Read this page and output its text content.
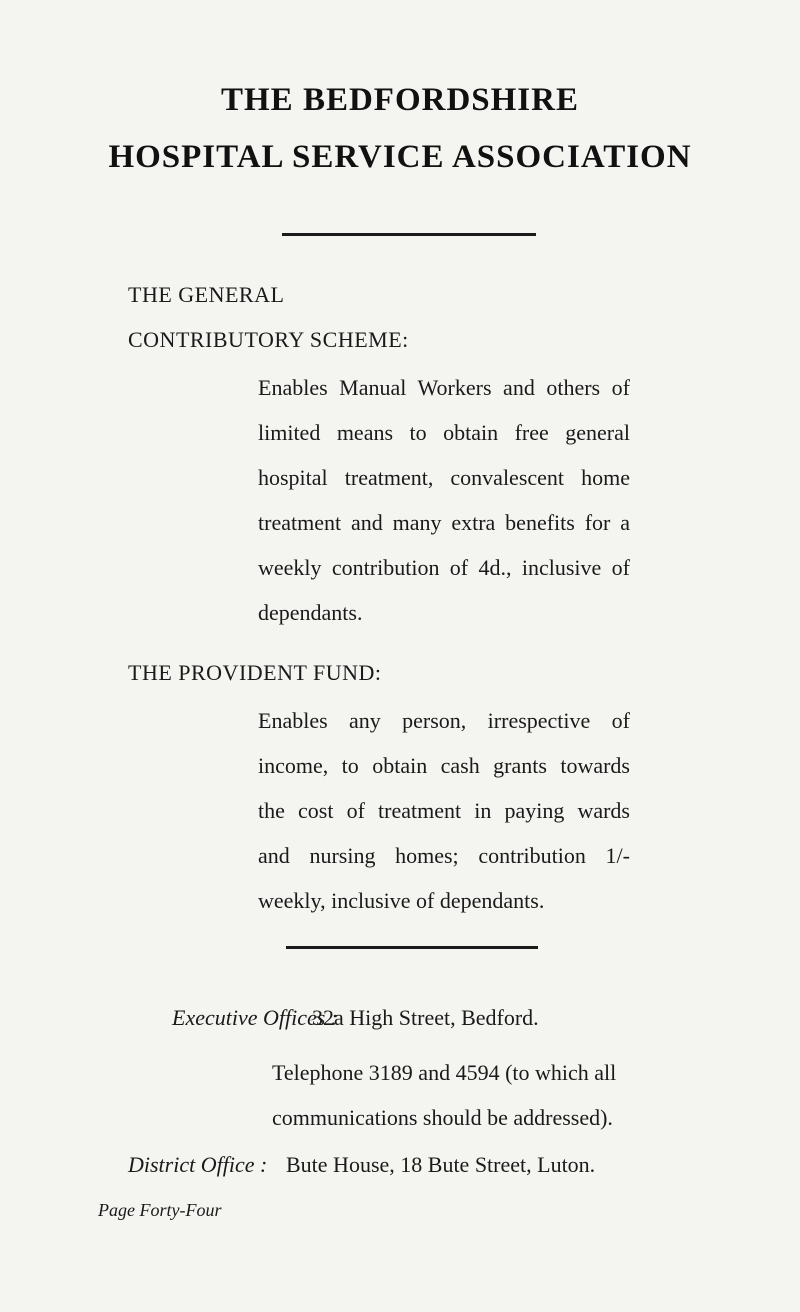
THE BEDFORDSHIRE
HOSPITAL SERVICE ASSOCIATION
THE GENERAL
CONTRIBUTORY SCHEME:
Enables Manual Workers and others of
limited means to obtain free general
hospital treatment, convalescent home
treatment and many extra benefits for a
weekly contribution of 4d., inclusive of
dependants.
THE PROVIDENT FUND:
Enables any person, irrespective of
income, to obtain cash grants towards
the cost of treatment in paying wards
and nursing homes; contribution 1/-
weekly, inclusive of dependants.
Executive Offices :
32a High Street, Bedford.
Telephone 3189 and 4594 (to which all
communications should be addressed).
District Office : Bute House, 18 Bute Street, Luton.
Page Forty-Four
